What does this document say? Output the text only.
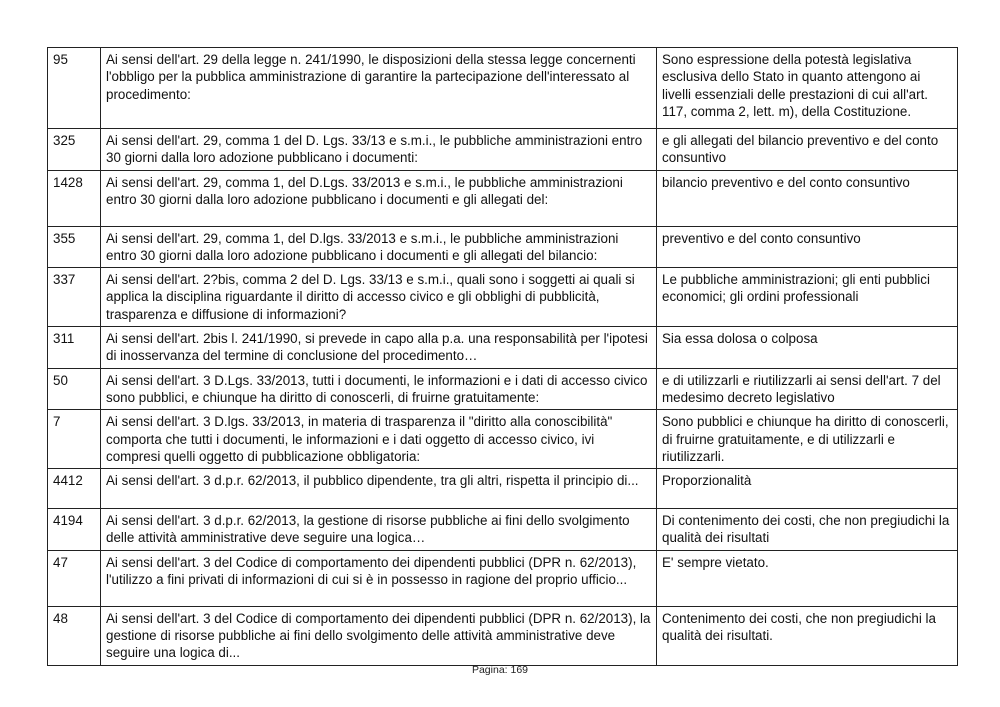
95	Ai sensi dell'art. 29 della legge n. 241/1990, le disposizioni della stessa legge concernenti l'obbligo per la pubblica amministrazione di garantire la partecipazione dell'interessato al procedimento:	Sono espressione della potestà legislativa esclusiva dello Stato in quanto attengono ai livelli essenziali delle prestazioni di cui all'art. 117, comma 2, lett. m), della Costituzione.
325	Ai sensi dell'art. 29, comma 1 del D. Lgs. 33/13 e s.m.i., le pubbliche amministrazioni entro 30 giorni dalla loro adozione pubblicano i documenti:	e gli allegati del bilancio preventivo e del conto consuntivo
1428	Ai sensi dell'art. 29, comma 1, del D.Lgs. 33/2013 e s.m.i., le pubbliche amministrazioni entro 30 giorni dalla loro adozione pubblicano i documenti e gli allegati del:	bilancio preventivo e del conto consuntivo
355	Ai sensi dell'art. 29, comma 1, del D.lgs. 33/2013 e s.m.i., le pubbliche amministrazioni entro 30 giorni dalla loro adozione pubblicano i documenti e gli allegati del bilancio:	preventivo e del conto consuntivo
337	Ai sensi dell'art. 2?bis, comma 2 del D. Lgs. 33/13 e s.m.i., quali sono i soggetti ai quali si applica la disciplina riguardante il diritto di accesso civico e gli obblighi di pubblicità, trasparenza e diffusione di informazioni?	Le pubbliche amministrazioni; gli enti pubblici economici; gli ordini professionali
311	Ai sensi dell'art. 2bis l. 241/1990, si prevede in capo alla p.a. una responsabilità per l'ipotesi di inosservanza del termine di conclusione del procedimento…	Sia essa dolosa o colposa
50	Ai sensi dell'art. 3 D.Lgs. 33/2013, tutti i documenti, le informazioni e i dati di accesso civico sono pubblici, e chiunque ha diritto di conoscerli, di fruirne gratuitamente:	e di utilizzarli e riutilizzarli ai sensi dell'art. 7 del medesimo decreto legislativo
7	Ai sensi dell'art. 3 D.lgs. 33/2013, in materia di trasparenza il "diritto alla conoscibilità" comporta che tutti i documenti, le informazioni e i dati oggetto di accesso civico, ivi compresi quelli oggetto di pubblicazione obbligatoria:	Sono pubblici e chiunque ha diritto di conoscerli, di fruirne gratuitamente, e di utilizzarli e riutilizzarli.
4412	Ai sensi dell'art. 3 d.p.r. 62/2013, il pubblico dipendente, tra gli altri, rispetta il principio di...	Proporzionalità
4194	Ai sensi dell'art. 3 d.p.r. 62/2013, la gestione di risorse pubbliche ai fini dello svolgimento delle attività amministrative deve seguire una logica…	Di contenimento dei costi, che non pregiudichi la qualità dei risultati
47	Ai sensi dell'art. 3 del Codice di comportamento dei dipendenti pubblici (DPR n. 62/2013), l'utilizzo a fini privati di informazioni di cui si è in possesso in ragione del proprio ufficio...	E' sempre vietato.
48	Ai sensi dell'art. 3 del Codice di comportamento dei dipendenti pubblici (DPR n. 62/2013), la gestione di risorse pubbliche ai fini dello svolgimento delle attività amministrative deve seguire una logica di...	Contenimento dei costi, che non pregiudichi la qualità dei risultati.
Pagina: 169
